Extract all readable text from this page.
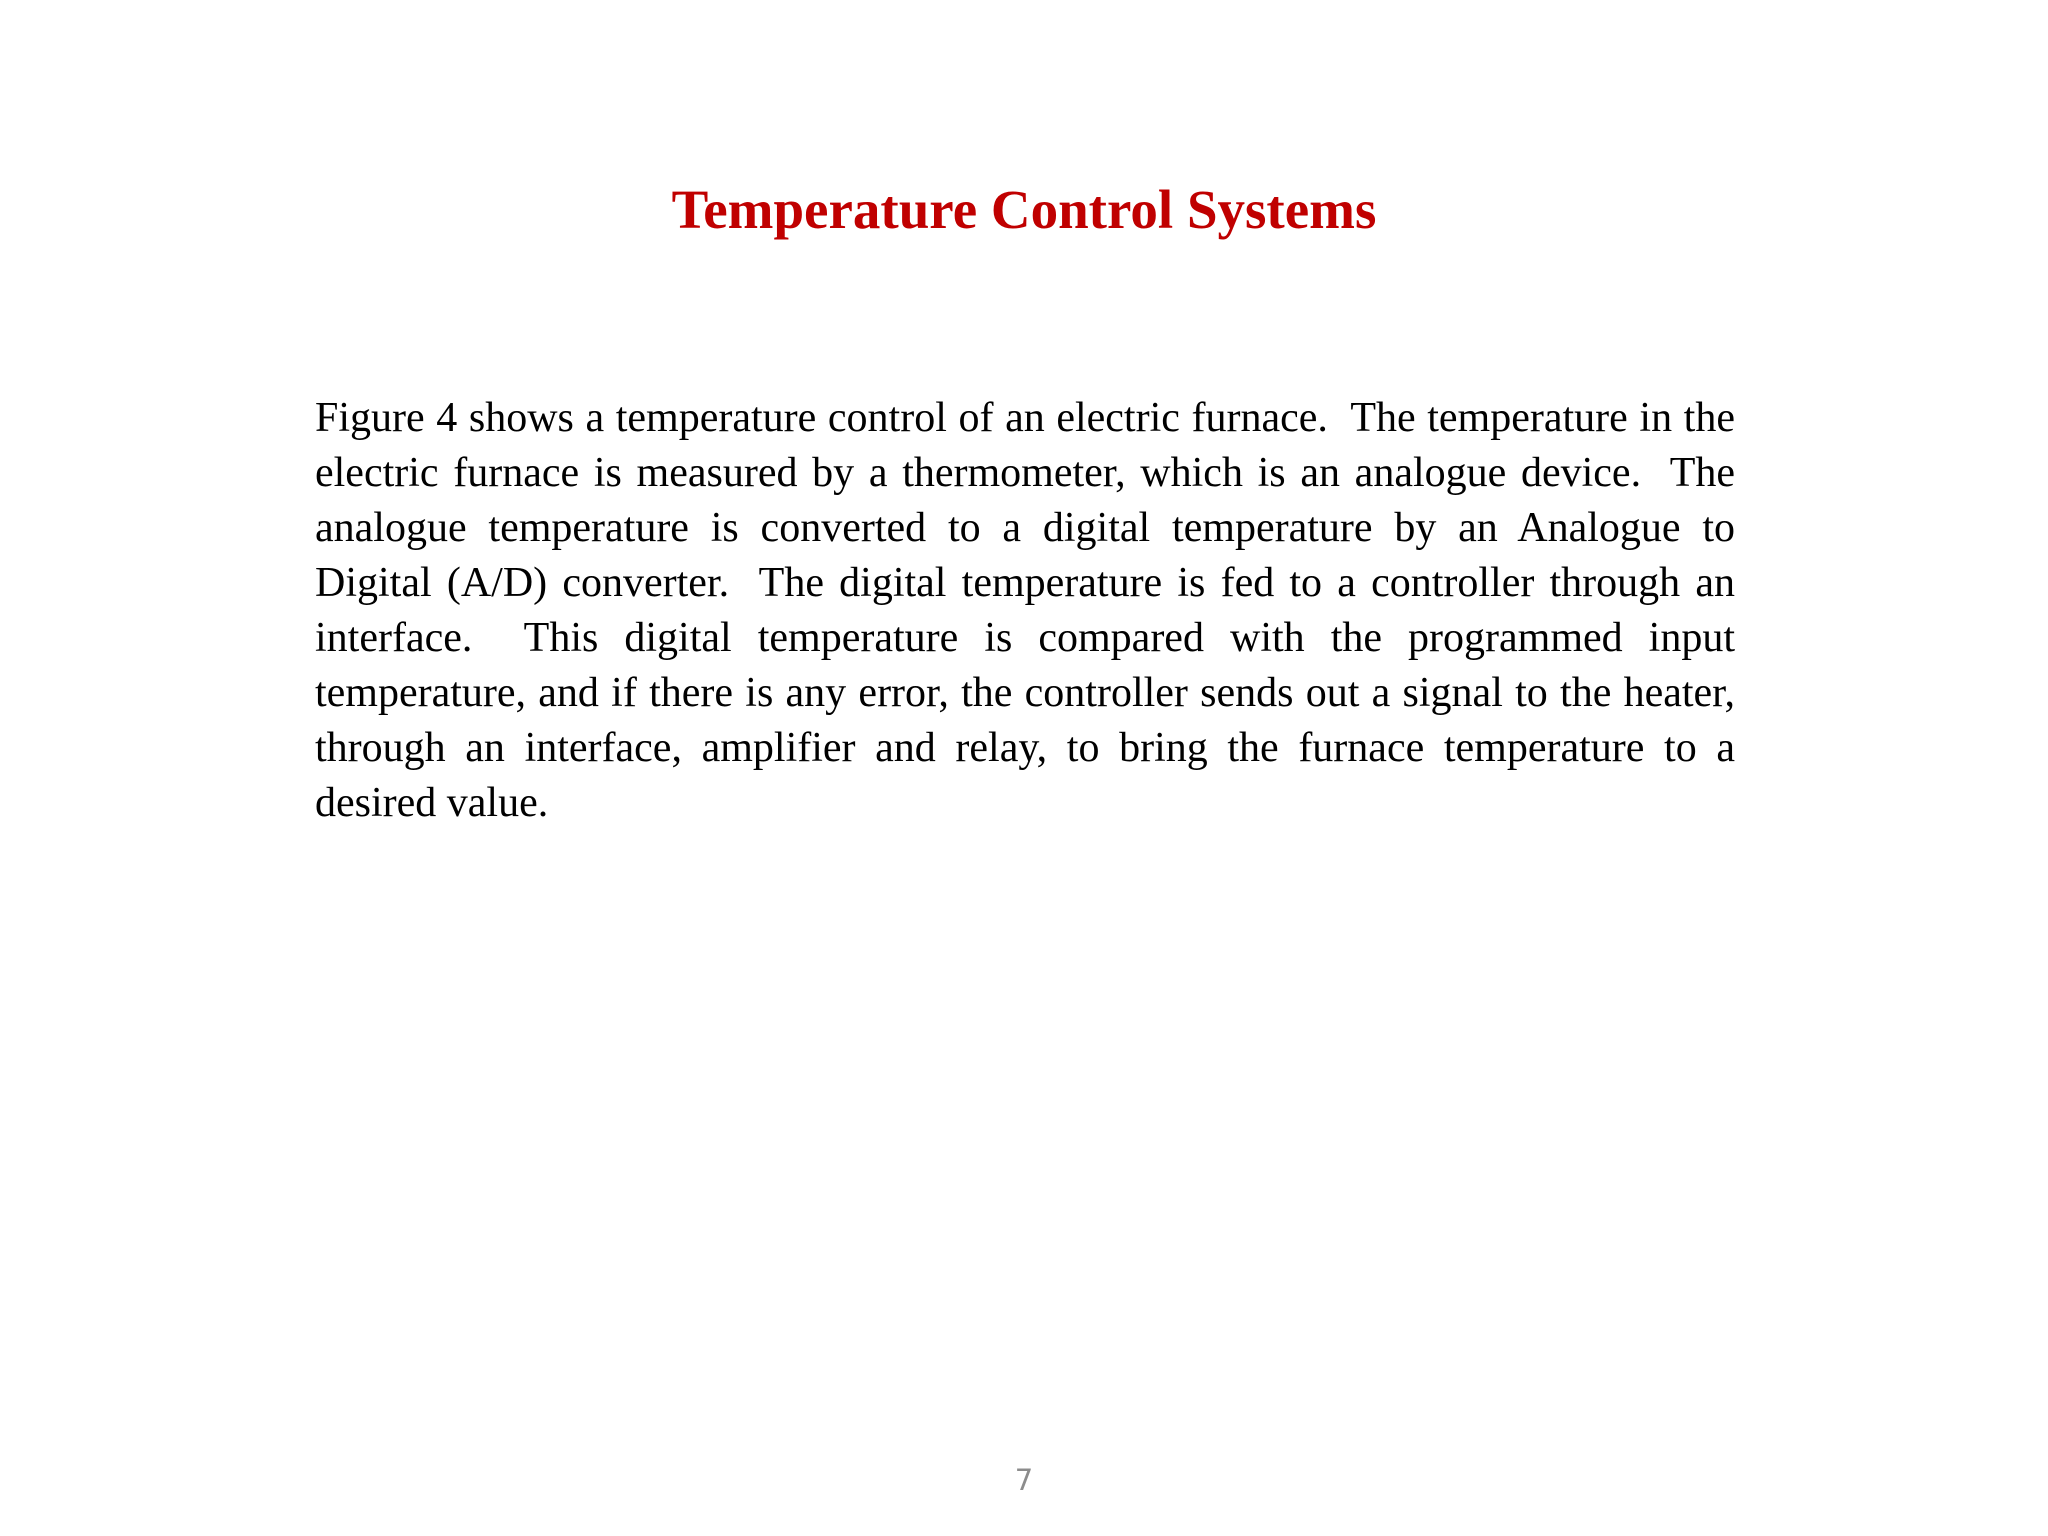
Temperature Control Systems

Figure 4 shows a temperature control of an electric furnace.  The temperature in the electric furnace is measured by a thermometer, which is an analogue device.  The analogue temperature is converted to a digital temperature by an Analogue to Digital (A/D) converter.  The digital temperature is fed to a controller through an interface.  This digital temperature is compared with the programmed input temperature, and if there is any error, the controller sends out a signal to the heater, through an interface, amplifier and relay, to bring the furnace temperature to a desired value.

7
